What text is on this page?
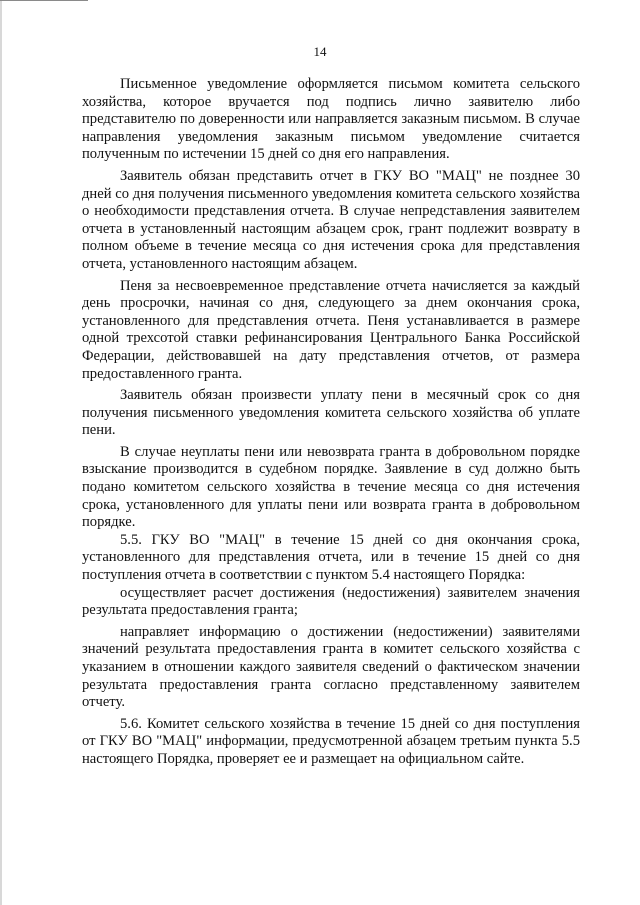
14

Письменное уведомление оформляется письмом комитета сельского хозяйства, которое вручается под подпись лично заявителю либо представителю по доверенности или направляется заказным письмом. В случае направления уведомления заказным письмом уведомление считается полученным по истечении 15 дней со дня его направления.

Заявитель обязан представить отчет в ГКУ ВО "МАЦ" не позднее 30 дней со дня получения письменного уведомления комитета сельского хозяйства о необходимости представления отчета. В случае непредставления заявителем отчета в установленный настоящим абзацем срок, грант подлежит возврату в полном объеме в течение месяца со дня истечения срока для представления отчета, установленного настоящим абзацем.

Пеня за несвоевременное представление отчета начисляется за каждый день просрочки, начиная со дня, следующего за днем окончания срока, установленного для представления отчета. Пеня устанавливается в размере одной трехсотой ставки рефинансирования Центрального Банка Российской Федерации, действовавшей на дату представления отчетов, от размера предоставленного гранта.

Заявитель обязан произвести уплату пени в месячный срок со дня получения письменного уведомления комитета сельского хозяйства об уплате пени.

В случае неуплаты пени или невозврата гранта в добровольном порядке взыскание производится в судебном порядке. Заявление в суд должно быть подано комитетом сельского хозяйства в течение месяца со дня истечения срока, установленного для уплаты пени или возврата гранта в добровольном порядке.

5.5. ГКУ ВО "МАЦ" в течение 15 дней со дня окончания срока, установленного для представления отчета, или в течение 15 дней со дня поступления отчета в соответствии с пунктом 5.4 настоящего Порядка:

осуществляет расчет достижения (недостижения) заявителем значения результата предоставления гранта;

направляет информацию о достижении (недостижении) заявителями значений результата предоставления гранта в комитет сельского хозяйства с указанием в отношении каждого заявителя сведений о фактическом значении результата предоставления гранта согласно представленному заявителем отчету.

5.6. Комитет сельского хозяйства в течение 15 дней со дня поступления от ГКУ ВО "МАЦ" информации, предусмотренной абзацем третьим пункта 5.5 настоящего Порядка, проверяет ее и размещает на официальном сайте.
